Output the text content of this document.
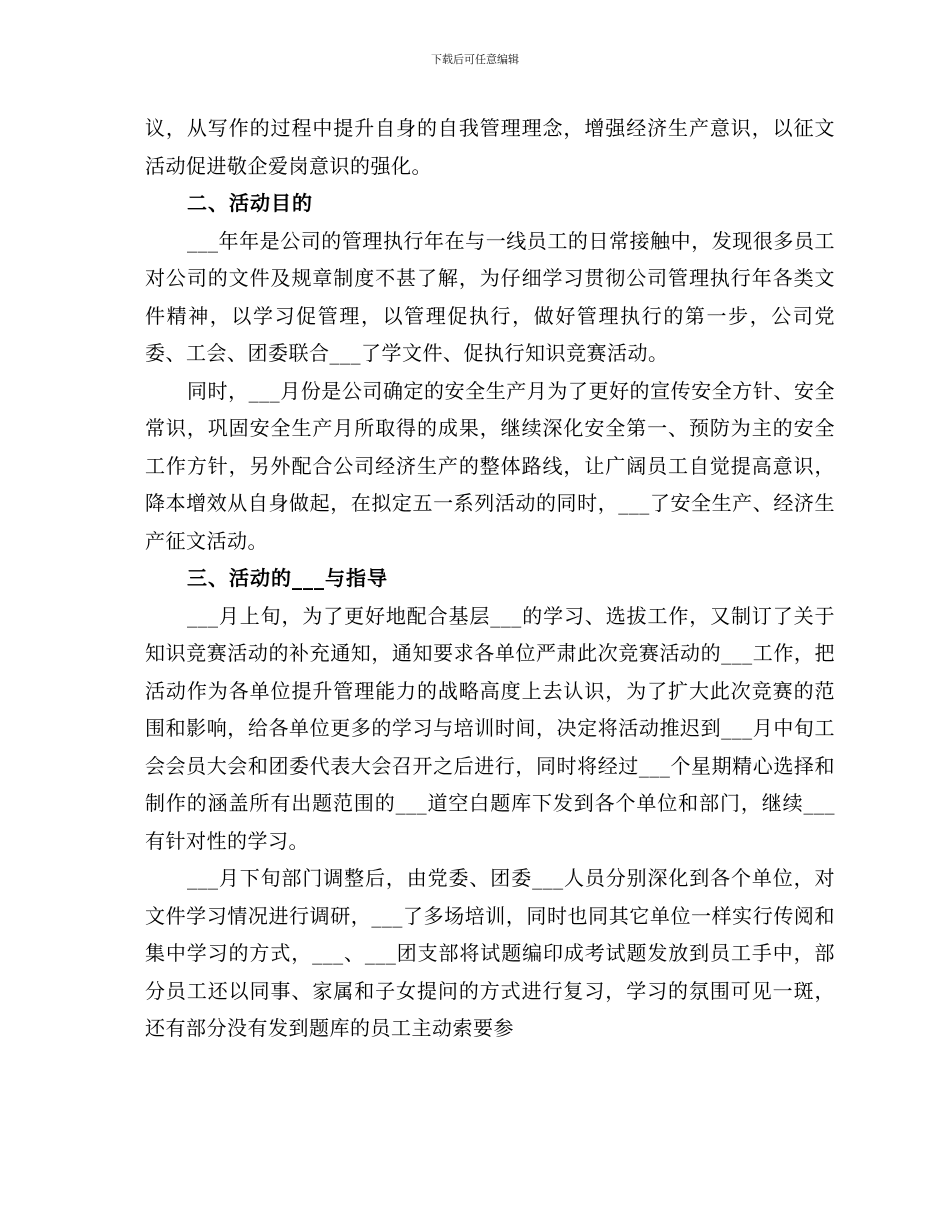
下载后可任意编辑

议，从写作的过程中提升自身的自我管理理念，增强经济生产意识，以征文活动促进敬企爱岗意识的强化。

二、活动目的

___年年是公司的管理执行年在与一线员工的日常接触中，发现很多员工对公司的文件及规章制度不甚了解，为仔细学习贯彻公司管理执行年各类文件精神，以学习促管理，以管理促执行，做好管理执行的第一步，公司党委、工会、团委联合___了学文件、促执行知识竞赛活动。

同时，___月份是公司确定的安全生产月为了更好的宣传安全方针、安全常识，巩固安全生产月所取得的成果，继续深化安全第一、预防为主的安全工作方针，另外配合公司经济生产的整体路线，让广阔员工自觉提高意识，降本增效从自身做起，在拟定五一系列活动的同时，___了安全生产、经济生产征文活动。

三、活动的___与指导

___月上旬，为了更好地配合基层___的学习、选拔工作，又制订了关于知识竞赛活动的补充通知，通知要求各单位严肃此次竞赛活动的___工作，把活动作为各单位提升管理能力的战略高度上去认识，为了扩大此次竞赛的范围和影响，给各单位更多的学习与培训时间，决定将活动推迟到___月中旬工会会员大会和团委代表大会召开之后进行，同时将经过___个星期精心选择和制作的涵盖所有出题范围的___道空白题库下发到各个单位和部门，继续___有针对性的学习。

___月下旬部门调整后，由党委、团委___人员分别深化到各个单位，对文件学习情况进行调研，___了多场培训，同时也同其它单位一样实行传阅和集中学习的方式，___、___团支部将试题编印成考试题发放到员工手中，部分员工还以同事、家属和子女提问的方式进行复习，学习的氛围可见一斑，还有部分没有发到题库的员工主动索要参
